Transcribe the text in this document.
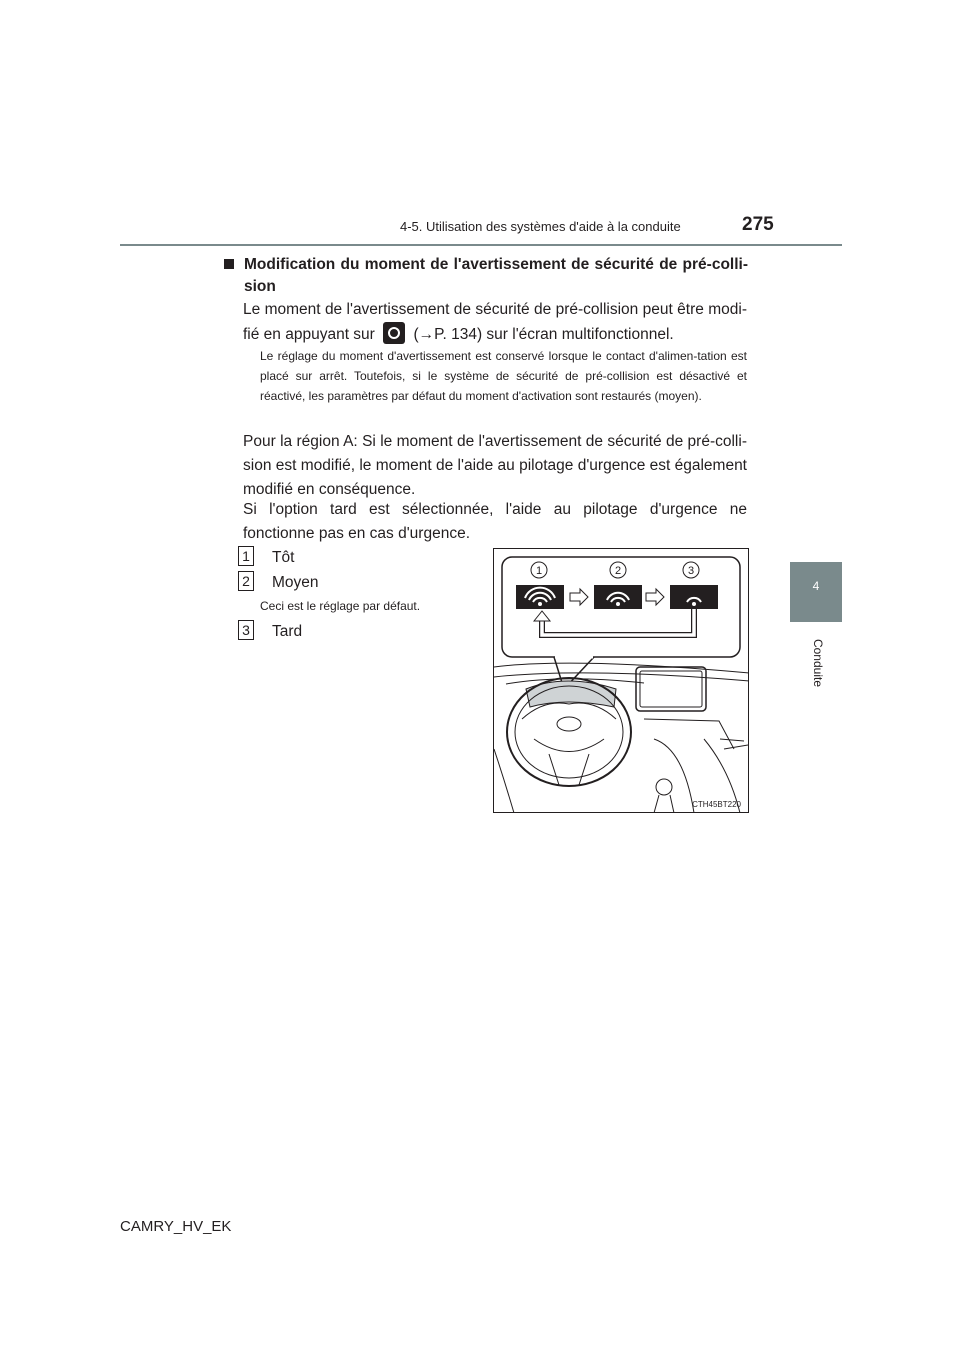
4-5. Utilisation des systèmes d'aide à la conduite	275
4
Conduite
Modification du moment de l'avertissement de sécurité de pré-colli-sion
Le moment de l'avertissement de sécurité de pré-collision peut être modi-fié en appuyant sur (→P. 134) sur l'écran multifonctionnel.
Le réglage du moment d'avertissement est conservé lorsque le contact d'alimen-tation est placé sur arrêt. Toutefois, si le système de sécurité de pré-collision est désactivé et réactivé, les paramètres par défaut du moment d'activation sont restaurés (moyen).
Pour la région A: Si le moment de l'avertissement de sécurité de pré-colli-sion est modifié, le moment de l'aide au pilotage d'urgence est également modifié en conséquence.
Si l'option tard est sélectionnée, l'aide au pilotage d'urgence ne fonctionne pas en cas d'urgence.
1 Tôt
2 Moyen
Ceci est le réglage par défaut.
3 Tard
1	2	3
CTH45BT220
CAMRY_HV_EK
